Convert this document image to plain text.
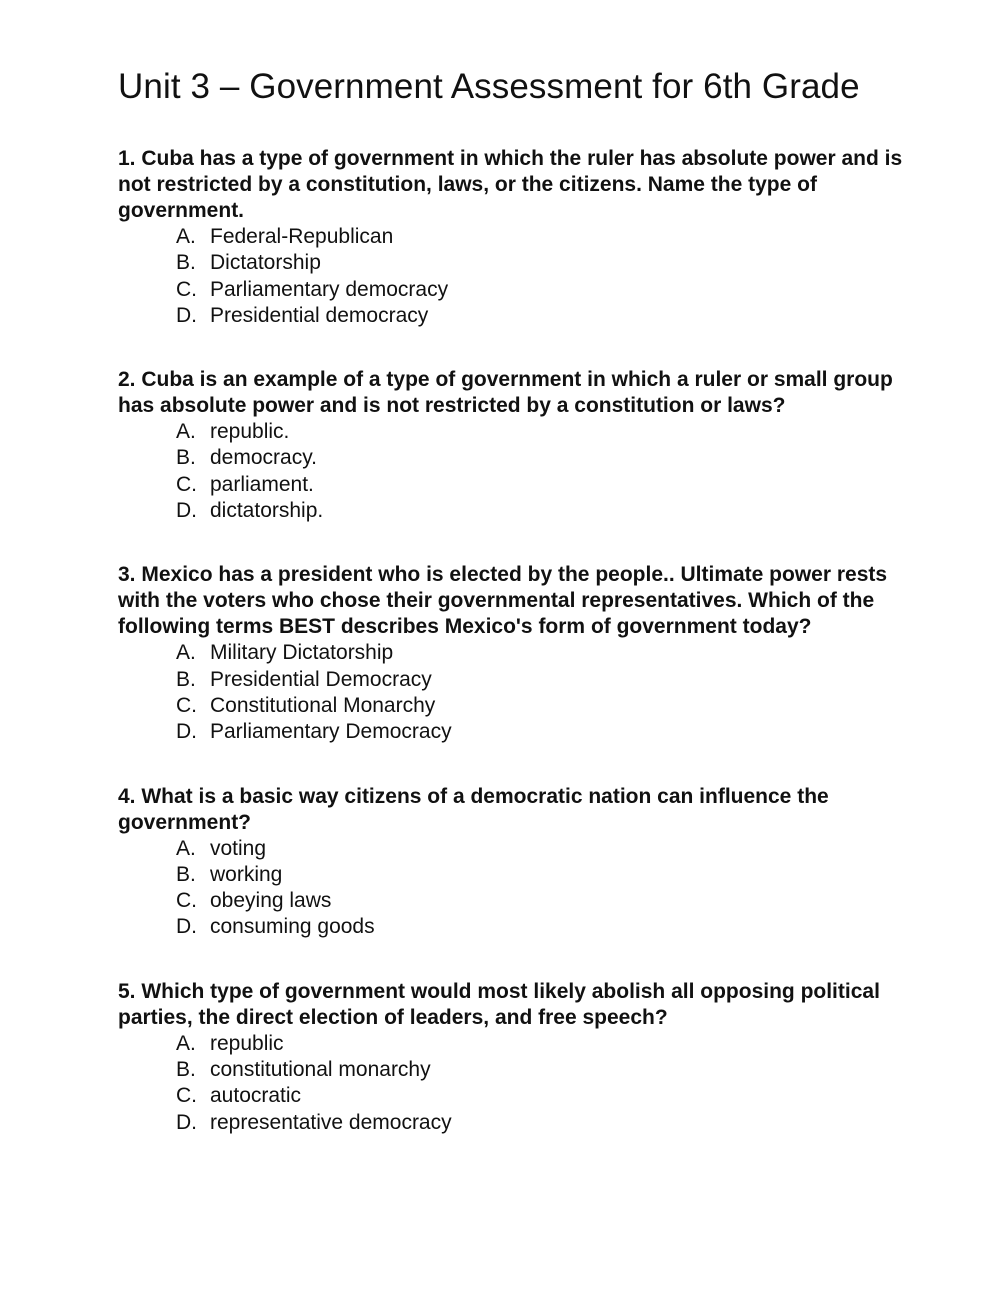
Unit 3 – Government Assessment for 6th Grade

1. Cuba has a type of government in which the ruler has absolute power and is not restricted by a constitution, laws, or the citizens. Name the type of government.

A. Federal-Republican
B. Dictatorship
C. Parliamentary democracy
D. Presidential democracy

2. Cuba is an example of a type of government in which a ruler or small group has absolute power and is not restricted by a constitution or laws?

A. republic.
B. democracy.
C. parliament.
D. dictatorship.

3. Mexico has a president who is elected by the people.. Ultimate power rests with the voters who chose their governmental representatives. Which of the following terms BEST describes Mexico's form of government today?

A. Military Dictatorship
B. Presidential Democracy
C. Constitutional Monarchy
D. Parliamentary Democracy

4. What is a basic way citizens of a democratic nation can influence the government?

A. voting
B. working
C. obeying laws
D. consuming goods

5. Which type of government would most likely abolish all opposing political parties, the direct election of leaders, and free speech?

A. republic
B. constitutional monarchy
C. autocratic
D. representative democracy
